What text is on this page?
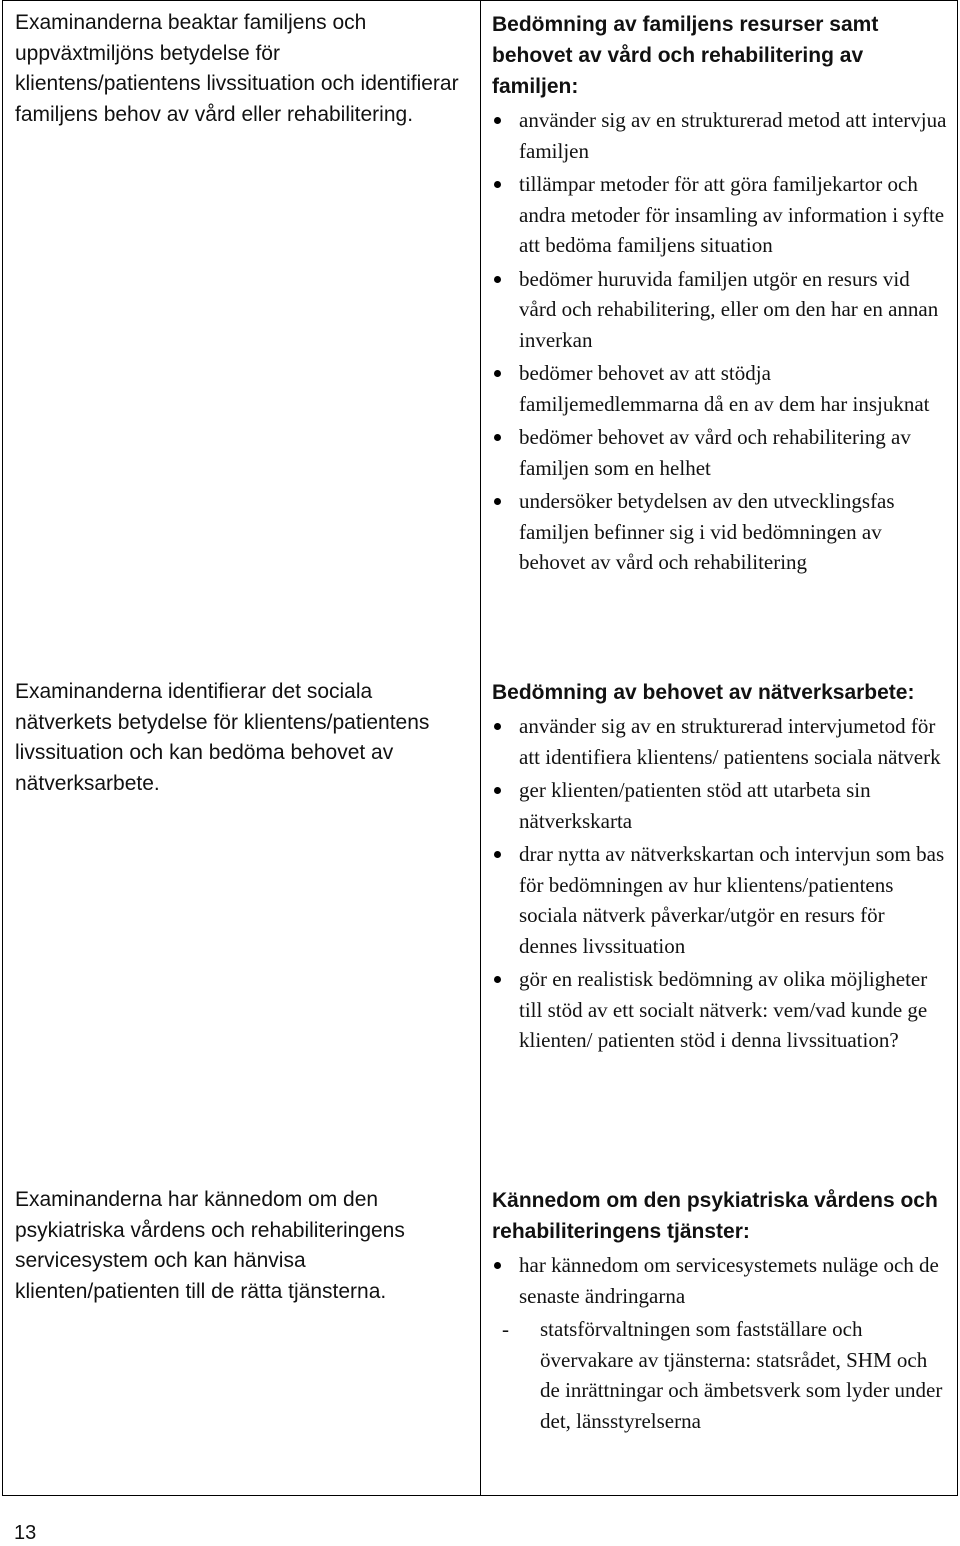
Examinanderna beaktar familjens och uppväxtmiljöns betydelse för klientens/patientens livssituation och identifierar familjens behov av vård eller rehabilitering.

Examinanderna identifierar det sociala nätverkets betydelse för klientens/patientens livssituation och kan bedöma behovet av nätverksarbete.

Examinanderna har kännedom om den psykiatriska vårdens och rehabiliteringens servicesystem och kan hänvisa klienten/patienten till de rätta tjänsterna.

Bedömning av familjens resurser samt behovet av vård och rehabilitering av familjen:
använder sig av en strukturerad metod att intervjua familjen
tillämpar metoder för att göra familjekartor och andra metoder för insamling av information i syfte att bedöma familjens situation
bedömer huruvida familjen utgör en resurs vid vård och rehabilitering, eller om den har en annan inverkan
bedömer behovet av att stödja familjemedlemmarna då en av dem har insjuknat
bedömer behovet av vård och rehabilitering av familjen som en helhet
undersöker betydelsen av den utvecklingsfas familjen befinner sig i vid bedömningen av behovet av vård och rehabilitering
Bedömning av behovet av nätverksarbete:
använder sig av en strukturerad intervjumetod för att identifiera klientens/ patientens sociala nätverk
ger klienten/patienten stöd att utarbeta sin nätverkskarta
drar nytta av nätverkskartan och intervjun som bas för bedömningen av hur klientens/patientens sociala nätverk påverkar/utgör en resurs för dennes livssituation
gör en realistisk bedömning av olika möjligheter till stöd av ett socialt nätverk: vem/vad kunde ge klienten/ patienten stöd i denna livssituation?
Kännedom om den psykiatriska vårdens och rehabiliteringens tjänster:
har kännedom om servicesystemets nuläge och de senaste ändringarna
- statsförvaltningen som fastställare och övervakare av tjänsterna: statsrådet, SHM och de inrättningar och ämbetsverk som lyder under det, länsstyrelserna
13
